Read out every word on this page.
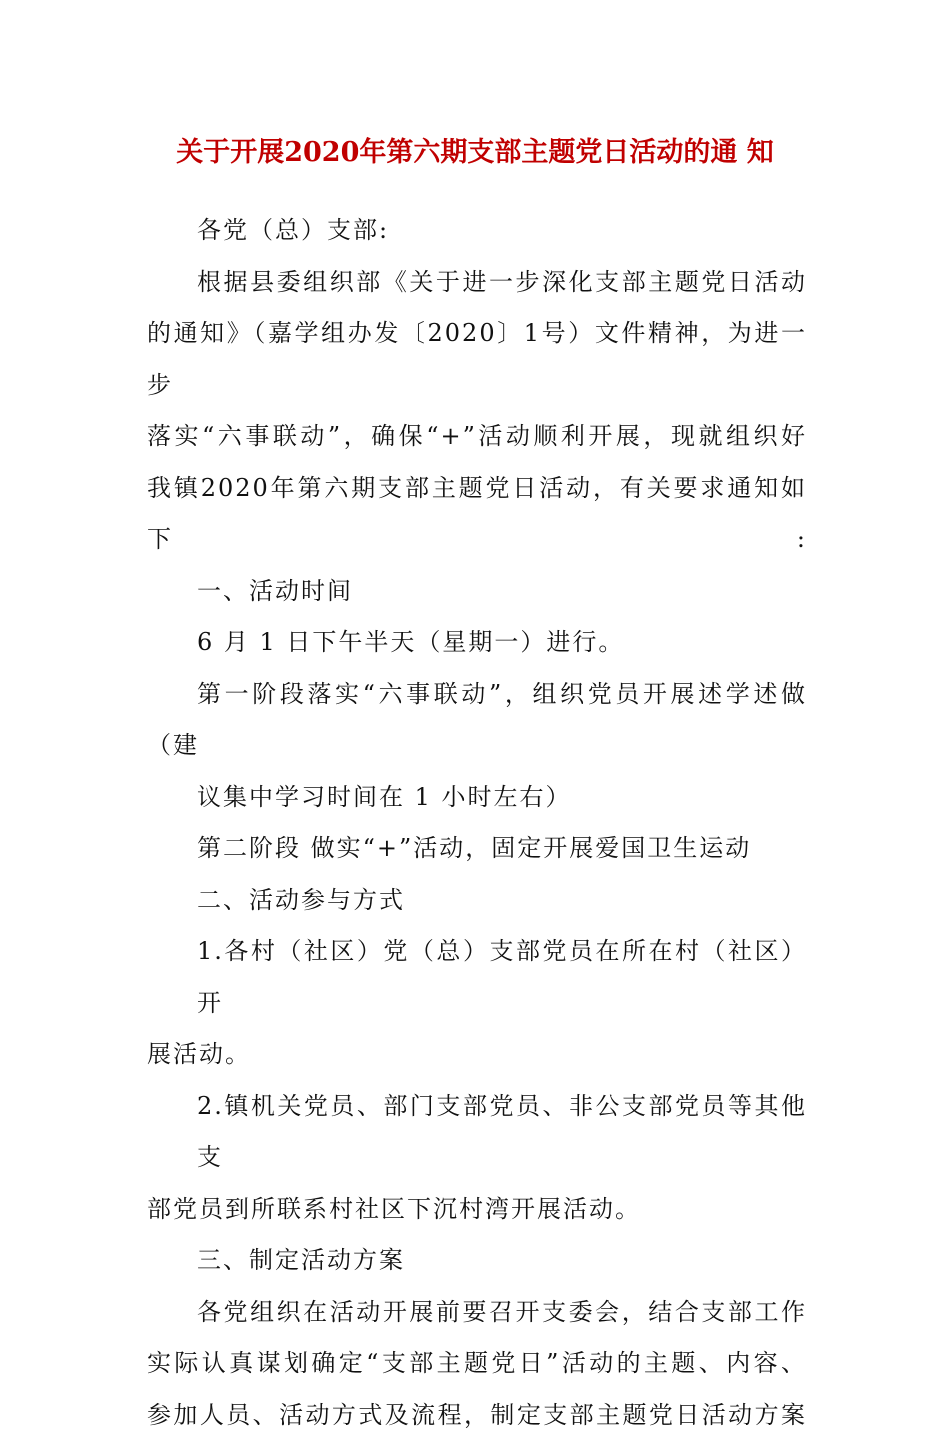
关于开展2020年第六期支部主题党日活动的通 知

各党（总）支部:

根据县委组织部《关于进一步深化支部主题党日活动
的通知》（嘉学组办发〔2020〕1号）文件精神，为进一步
落实“六事联动”，确保“+”活动顺利开展，现就组织好
我镇2020年第六期支部主题党日活动，有关要求通知如下:

一、活动时间

6 月 1 日下午半天（星期一）进行。

第一阶段落实“六事联动”，组织党员开展述学述做
（建
议集中学习时间在 1 小时左右）

第二阶段 做实“+”活动，固定开展爱国卫生运动

二、活动参与方式

1.各村（社区）党（总）支部党员在所在村（社区）开
展活动。

2.镇机关党员、部门支部党员、非公支部党员等其他支
部党员到所联系村社区下沉村湾开展活动。

三、制定活动方案

各党组织在活动开展前要召开支委会，结合支部工作
实际认真谋划确定“支部主题党日”活动的主题、内容、
参加人员、活动方式及流程，制定支部主题党日活动方案
